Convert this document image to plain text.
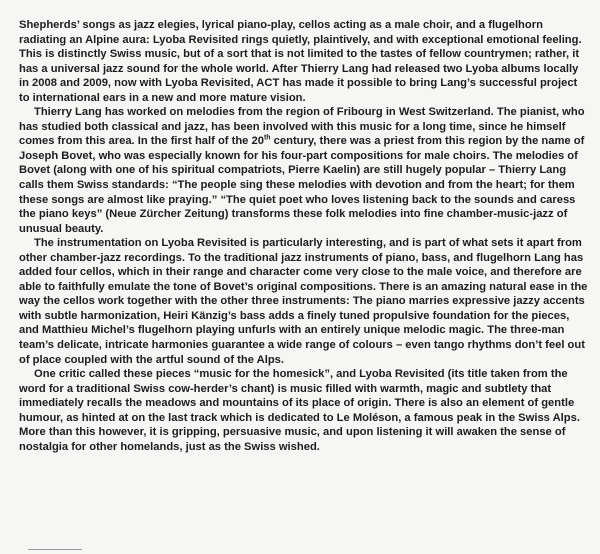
Shepherds’ songs as jazz elegies, lyrical piano-play, cellos acting as a male choir, and a flugelhorn radiating an Alpine aura: Lyoba Revisited rings quietly, plaintively, and with exceptional emotional feeling. This is distinctly Swiss music, but of a sort that is not limited to the tastes of fellow countrymen; rather, it has a universal jazz sound for the whole world. After Thierry Lang had released two Lyoba albums locally in 2008 and 2009, now with Lyoba Revisited, ACT has made it possible to bring Lang’s successful project to international ears in a new and more mature vision.

Thierry Lang has worked on melodies from the region of Fribourg in West Switzerland. The pianist, who has studied both classical and jazz, has been involved with this music for a long time, since he himself comes from this area. In the first half of the 20th century, there was a priest from this region by the name of Joseph Bovet, who was especially known for his four-part compositions for male choirs. The melodies of Bovet (along with one of his spiritual compatriots, Pierre Kaelin) are still hugely popular – Thierry Lang calls them Swiss standards: “The people sing these melodies with devotion and from the heart; for them these songs are almost like praying.” “The quiet poet who loves listening back to the sounds and caress the piano keys” (Neue Zürcher Zeitung) transforms these folk melodies into fine chamber-music-jazz of unusual beauty.

The instrumentation on Lyoba Revisited is particularly interesting, and is part of what sets it apart from other chamber-jazz recordings. To the traditional jazz instruments of piano, bass, and flugelhorn Lang has added four cellos, which in their range and character come very close to the male voice, and therefore are able to faithfully emulate the tone of Bovet’s original compositions. There is an amazing natural ease in the way the cellos work together with the other three instruments: The piano marries expressive jazzy accents with subtle harmonization, Heiri Känzig’s bass adds a finely tuned propulsive foundation for the pieces, and Matthieu Michel’s flugelhorn playing unfurls with an entirely unique melodic magic. The three-man team’s delicate, intricate harmonies guarantee a wide range of colours – even tango rhythms don’t feel out of place coupled with the artful sound of the Alps.

One critic called these pieces “music for the homesick”, and Lyoba Revisited (its title taken from the word for a traditional Swiss cow-herder’s chant) is music filled with warmth, magic and subtlety that immediately recalls the meadows and mountains of its place of origin. There is also an element of gentle humour, as hinted at on the last track which is dedicated to Le Moléson, a famous peak in the Swiss Alps. More than this however, it is gripping, persuasive music, and upon listening it will awaken the sense of nostalgia for other homelands, just as the Swiss wished.
